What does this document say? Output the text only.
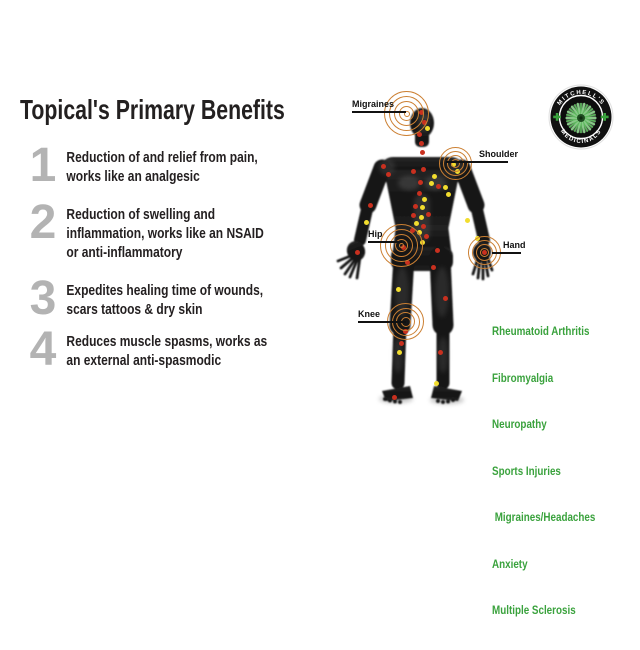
Topical's Primary Benefits
1 Reduction of and relief from pain,
works like an analgesic
2 Reduction of swelling and
inflammation, works like an NSAID
or anti-inflammatory
3 Expedites healing time of wounds,
scars tattoos & dry skin
4 Reduces muscle spasms, works as
an external anti-spasmodic
Migraines
Shoulder
Hip
Hand
Knee

Rheumatoid Arthritis

Fibromyalgia

Neuropathy

Sports Injuries

Migraines/Headaches

Anxiety

Multiple Sclerosis

MITCHELL'S
MEDICINALS
